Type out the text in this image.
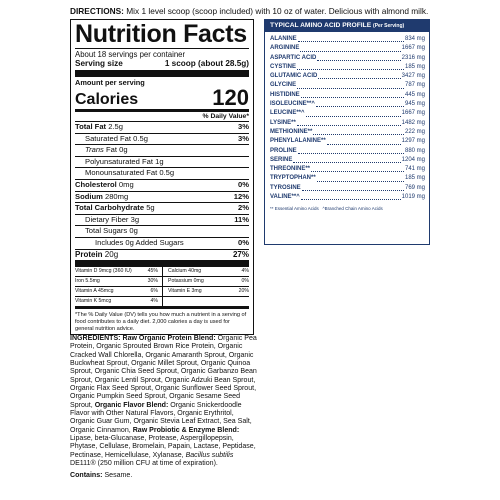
DIRECTIONS: Mix 1 level scoop (scoop included) with 10 oz of water. Delicious with almond milk.
Nutrition Facts
About 18 servings per container
Serving size	1 scoop (about 28.5g)
Amount per serving
Calories	120
% Daily Value*
Total Fat 2.5g	3%
Saturated Fat 0.5g	3%
Trans Fat 0g
Polyunsaturated Fat 1g
Monounsaturated Fat 0.5g
Cholesterol 0mg	0%
Sodium 280mg	12%
Total Carbohydrate 5g	2%
Dietary Fiber 3g	11%
Total Sugars 0g
Includes 0g Added Sugars	0%
Protein 20g	27%
Vitamin D 9mcg (360 IU)	45% Calcium 40mg	4%
Iron 5.5mg	30% Potassium 0mg	0%
Vitamin A 45mcg	6% Vitamin E 3mg	20%
Vitamin K 5mcg	4%
*The % Daily Value (DV) tells you how much a nutrient in a serving of food contributes to a daily diet. 2,000 calories a day is used for general nutrition advice.
INGREDIENTS: Raw Organic Protein Blend: Organic Pea Protein, Organic Sprouted Brown Rice Protein, Organic Cracked Wall Chlorella, Organic Amaranth Sprout, Organic Buckwheat Sprout, Organic Millet Sprout, Organic Quinoa Sprout, Organic Chia Seed Sprout, Organic Garbanzo Bean Sprout, Organic Lentil Sprout, Organic Adzuki Bean Sprout, Organic Flax Seed Sprout, Organic Sunflower Seed Sprout, Organic Pumpkin Seed Sprout, Organic Sesame Seed Sprout, Organic Flavor Blend: Organic Snickerdoodle Flavor with Other Natural Flavors, Organic Erythritol, Organic Guar Gum, Organic Stevia Leaf Extract, Sea Salt, Organic Cinnamon, Raw Probiotic & Enzyme Blend: Lipase, beta-Glucanase, Protease, Aspergillopepsin, Phytase, Cellulase, Bromelain, Papain, Lactase, Peptidase, Pectinase, Hemicellulase, Xylanase, Bacillus subtilis DE111® (250 million CFU at time of expiration).
Contains: Sesame.
TYPICAL AMINO ACID PROFILE (Per Serving)
ALANINE	834 mg
ARGININE	1667 mg
ASPARTIC ACID	2316 mg
CYSTINE	185 mg
GLUTAMIC ACID	3427 mg
GLYCINE	787 mg
HISTIDINE	445 mg
ISOLEUCINE**^	945 mg
LEUCINE**^	1667 mg
LYSINE**	1482 mg
METHIONINE**	222 mg
PHENYLALANINE**	1297 mg
PROLINE	880 mg
SERINE	1204 mg
THREONINE**	741 mg
TRYPTOPHAN**	185 mg
TYROSINE	769 mg
VALINE**^	1019 mg
** Essential Amino Acids ^Branched Chain Amino Acids
